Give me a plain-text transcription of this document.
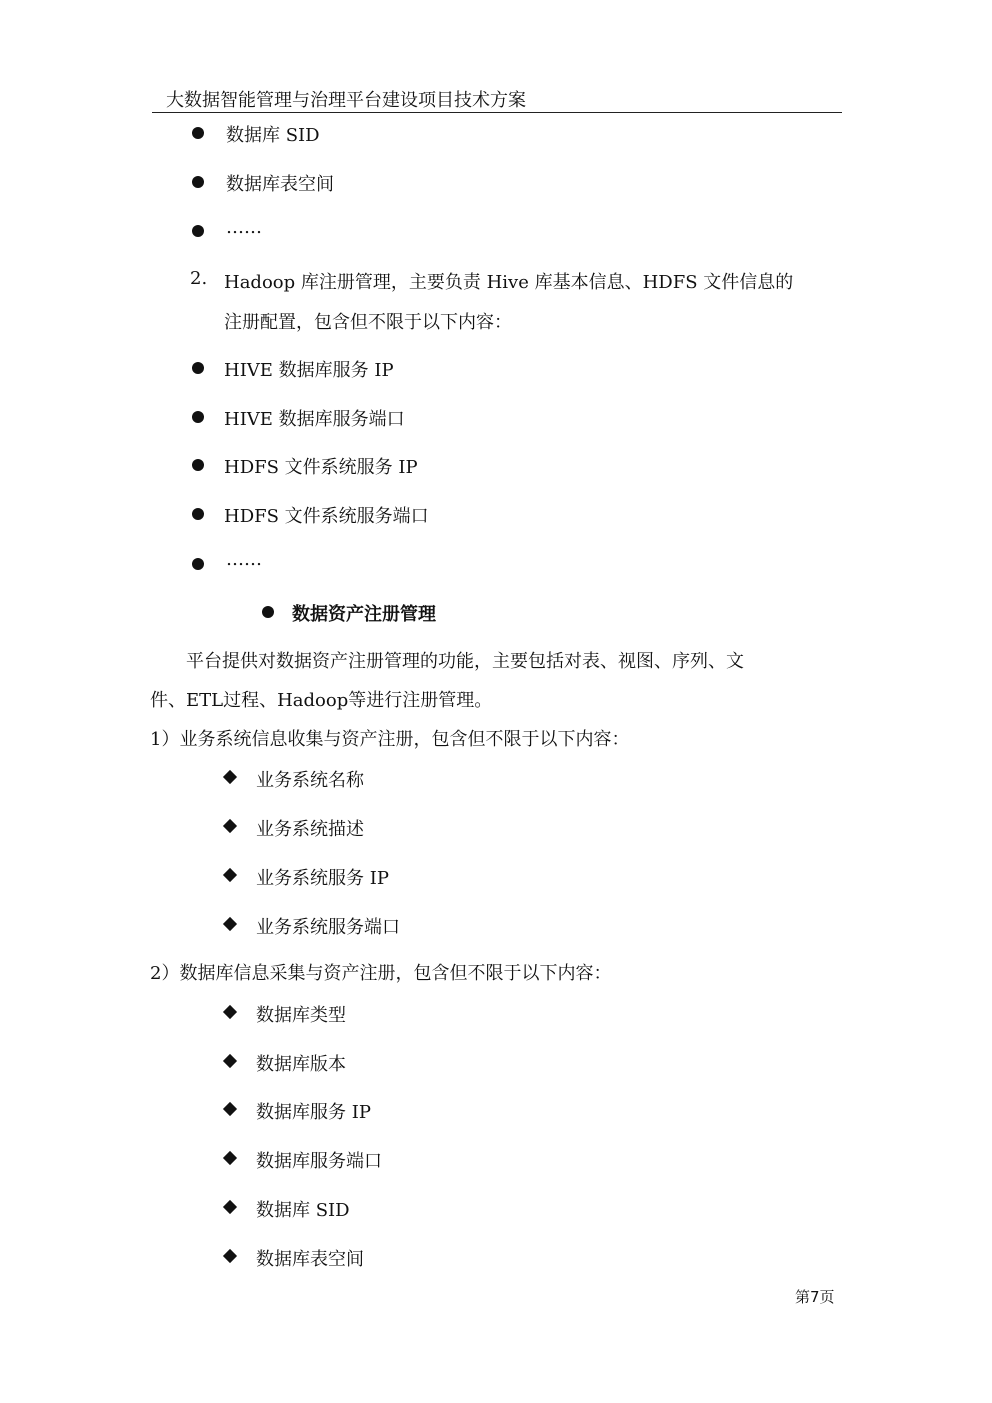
大数据智能管理与治理平台建设项目技术方案
数据库 SID
数据库表空间
……
2. Hadoop 库注册管理，主要负责 Hive 库基本信息、HDFS 文件信息的
注册配置，包含但不限于以下内容：
HIVE 数据库服务 IP
HIVE 数据库服务端口
HDFS 文件系统服务 IP
HDFS 文件系统服务端口
……
数据资产注册管理
平台提供对数据资产注册管理的功能，主要包括对表、视图、序列、文
件、ETL过程、Hadoop等进行注册管理。
1）业务系统信息收集与资产注册，包含但不限于以下内容：
业务系统名称
业务系统描述
业务系统服务 IP
业务系统服务端口
2）数据库信息采集与资产注册，包含但不限于以下内容：
数据库类型
数据库版本
数据库服务 IP
数据库服务端口
数据库 SID
数据库表空间
第7页
